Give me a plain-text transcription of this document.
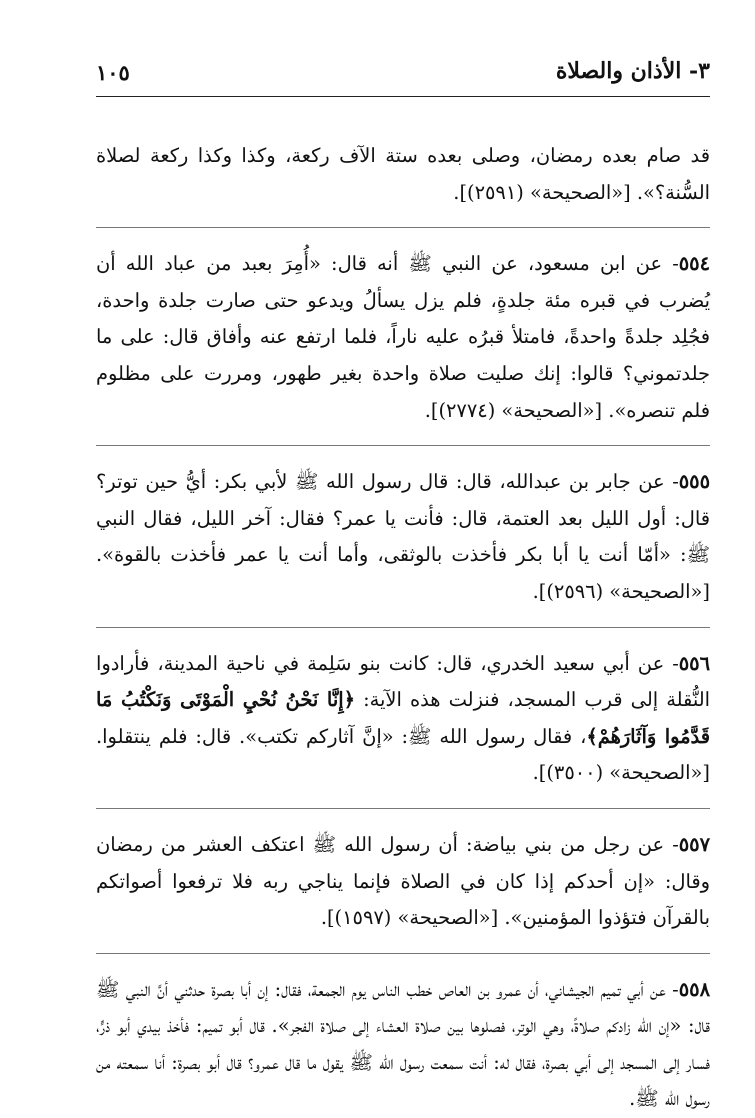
٣- الأذان والصلاة
١٠٥

قد صام بعده رمضان، وصلى بعده ستة الآف ركعة، وكذا وكذا ركعة لصلاة السُّنة؟». [«الصحيحة» (٢٥٩١)].

٥٥٤- عن ابن مسعود، عن النبي ﷺ أنه قال: «أُمِرَ بعبد من عباد الله أن يُضرب في قبره مئة جلدةٍ، فلم يزل يسألُ ويدعو حتى صارت جلدة واحدة، فجُلِد جلدةً واحدةً، فامتلأ قبرُه عليه ناراً، فلما ارتفع عنه وأفاق قال: على ما جلدتموني؟ قالوا: إنك صليت صلاة واحدة بغير طهور، ومررت على مظلوم فلم تنصره». [«الصحيحة» (٢٧٧٤)].
٥٥٥- عن جابر بن عبدالله، قال: قال رسول الله ﷺ لأبي بكر: أيُّ حين توتر؟ قال: أول الليل بعد العتمة، قال: فأنت يا عمر؟ فقال: آخر الليل، فقال النبي ﷺ: «أمّا أنت يا أبا بكر فأخذت بالوثقى، وأما أنت يا عمر فأخذت بالقوة». [«الصحيحة» (٢٥٩٦)].
٥٥٦- عن أبي سعيد الخدري، قال: كانت بنو سَلِمة في ناحية المدينة، فأرادوا النُّقلة إلى قرب المسجد، فنزلت هذه الآية: ﴿إِنَّا نَحْنُ نُحْيِ الْمَوْتَى وَنَكْتُبُ مَا قَدَّمُوا وَآثَارَهُمْ﴾، فقال رسول الله ﷺ: «إنَّ آثاركم تكتب». قال: فلم ينتقلوا. [«الصحيحة» (٣٥٠٠)].
٥٥٧- عن رجل من بني بياضة: أن رسول الله ﷺ اعتكف العشر من رمضان وقال: «إن أحدكم إذا كان في الصلاة فإنما يناجي ربه فلا ترفعوا أصواتكم بالقرآن فتؤذوا المؤمنين». [«الصحيحة» (١٥٩٧)].
٥٥٨- عن أبي تميم الجيشاني، أن عمرو بن العاص خطب الناس يوم الجمعة، فقال: إن أبا بصرة حدثني أنَّ النبي ﷺ قال: «إن الله زادكم صلاةً، وهي الوتر، فصلوها بين صلاة العشاء إلى صلاة الفجر». قال أبو تميم: فأخذ بيدي أبو ذرٍّ، فسار إلى المسجد إلى أبي بصرة، فقال له: أنت سمعت رسول الله ﷺ يقول ما قال عمرو؟ قال أبو بصرة: أنا سمعته من رسول الله ﷺ.
